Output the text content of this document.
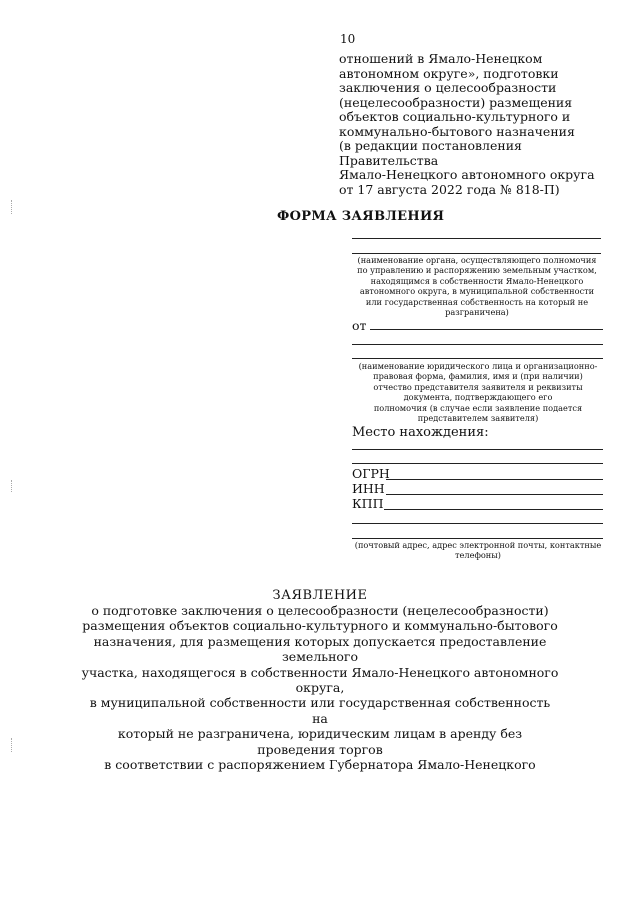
10
отношений в Ямало-Ненецком
автономном округе», подготовки
заключения о целесообразности
(нецелесообразности) размещения
объектов социально-культурного и
коммунально-бытового назначения
(в редакции постановления Правительства
Ямало-Ненецкого автономного округа
от 17 августа 2022 года № 818-П)
ФОРМА ЗАЯВЛЕНИЯ
(наименование органа, осуществляющего полномочия
по управлению и распоряжению земельным участком,
находящимся в собственности Ямало-Ненецкого
автономного округа, в муниципальной собственности
или государственная собственность на который не
разграничена)
от
(наименование юридического лица и организационно-
правовая форма, фамилия, имя и (при наличии)
отчество представителя заявителя и реквизиты
документа, подтверждающего его
полномочия (в случае если заявление подается
представителем заявителя)
Место нахождения:
ОГРН
ИНН
КПП
(почтовый адрес, адрес электронной почты, контактные
телефоны)
ЗАЯВЛЕНИЕ
о подготовке заключения о целесообразности (нецелесообразности)
размещения объектов социально-культурного и коммунально-бытового
назначения, для размещения которых допускается предоставление земельного
участка, находящегося в собственности Ямало-Ненецкого автономного округа,
в муниципальной собственности или государственная собственность на
который не разграничена, юридическим лицам в аренду без проведения торгов
в соответствии с распоряжением Губернатора Ямало-Ненецкого
